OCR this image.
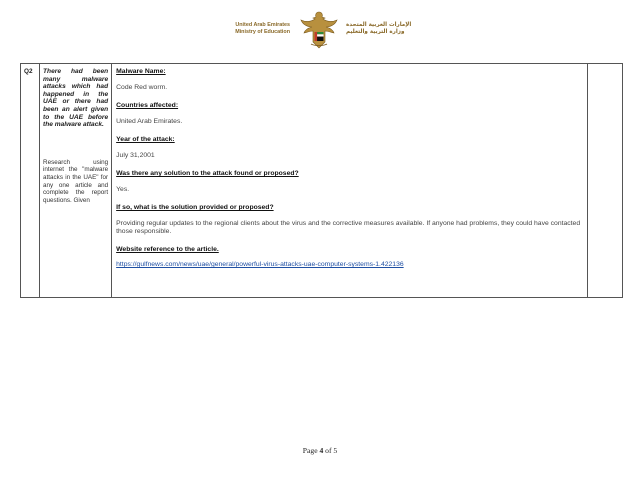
United Arab Emirates
Ministry of Education
الإمارات العربية المتحدة
وزارة التربية والتعليم
Q2	There had been many malware attacks which had happened in the UAE or there had been an alert given to the UAE before the malware attack.
Research using internet the "malware attacks in the UAE" for any one article and complete the report questions. Given

Malware Name:
Code Red worm.
Countries affected:
United Arab Emirates.
Year of the attack:
July 31,2001
Was there any solution to the attack found or proposed?
Yes.
If so, what is the solution provided or proposed?
Providing regular updates to the regional clients about the virus and the corrective measures available. If anyone had problems, they could have contacted those responsible.
Website reference to the article.
https://gulfnews.com/news/uae/general/powerful-virus-attacks-uae-computer-systems-1.422136

Page 4 of 5
